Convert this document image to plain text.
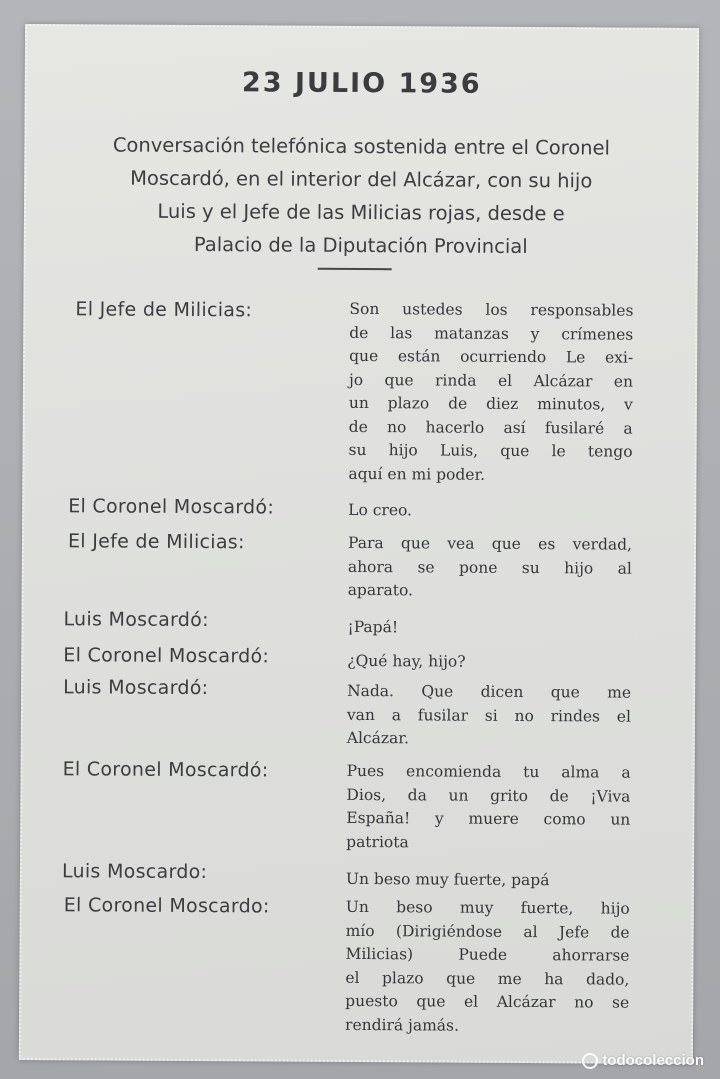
23 JULIO 1936
Conversación telefónica sostenida entre el Coronel
Moscardó, en el interior del Alcázar, con su hijo
Luis y el Jefe de las Milicias rojas, desde e
Palacio de la Diputación Provincial
El Jefe de Milicias:	Son ustedes los responsables
de las matanzas y crímenes
que están ocurriendo Le exi-
jo que rinda el Alcázar en
un plazo de diez minutos, v
de no hacerlo así fusilaré a
su hijo Luis, que le tengo
aquí en mi poder.
El Coronel Moscardó:	Lo creo.
El Jefe de Milicias:	Para que vea que es verdad,
ahora se pone su hijo al
aparato.
Luis Moscardó:	¡Papá!
El Coronel Moscardó:	¿Qué hay, hijo?
Luis Moscardó:	Nada. Que dicen que me
van a fusilar si no rindes el
Alcázar.
El Coronel Moscardó:	Pues encomienda tu alma a
Dios, da un grito de ¡Viva
España! y muere como un
patriota
Luis Moscardo:	Un beso muy fuerte, papá
El Coronel Moscardo:	Un beso muy fuerte, hijo
mío (Dirigiéndose al Jefe de
Milicias) Puede ahorrarse
el plazo que me ha dado,
puesto que el Alcázar no se
rendirá jamás.
todocoleccion
